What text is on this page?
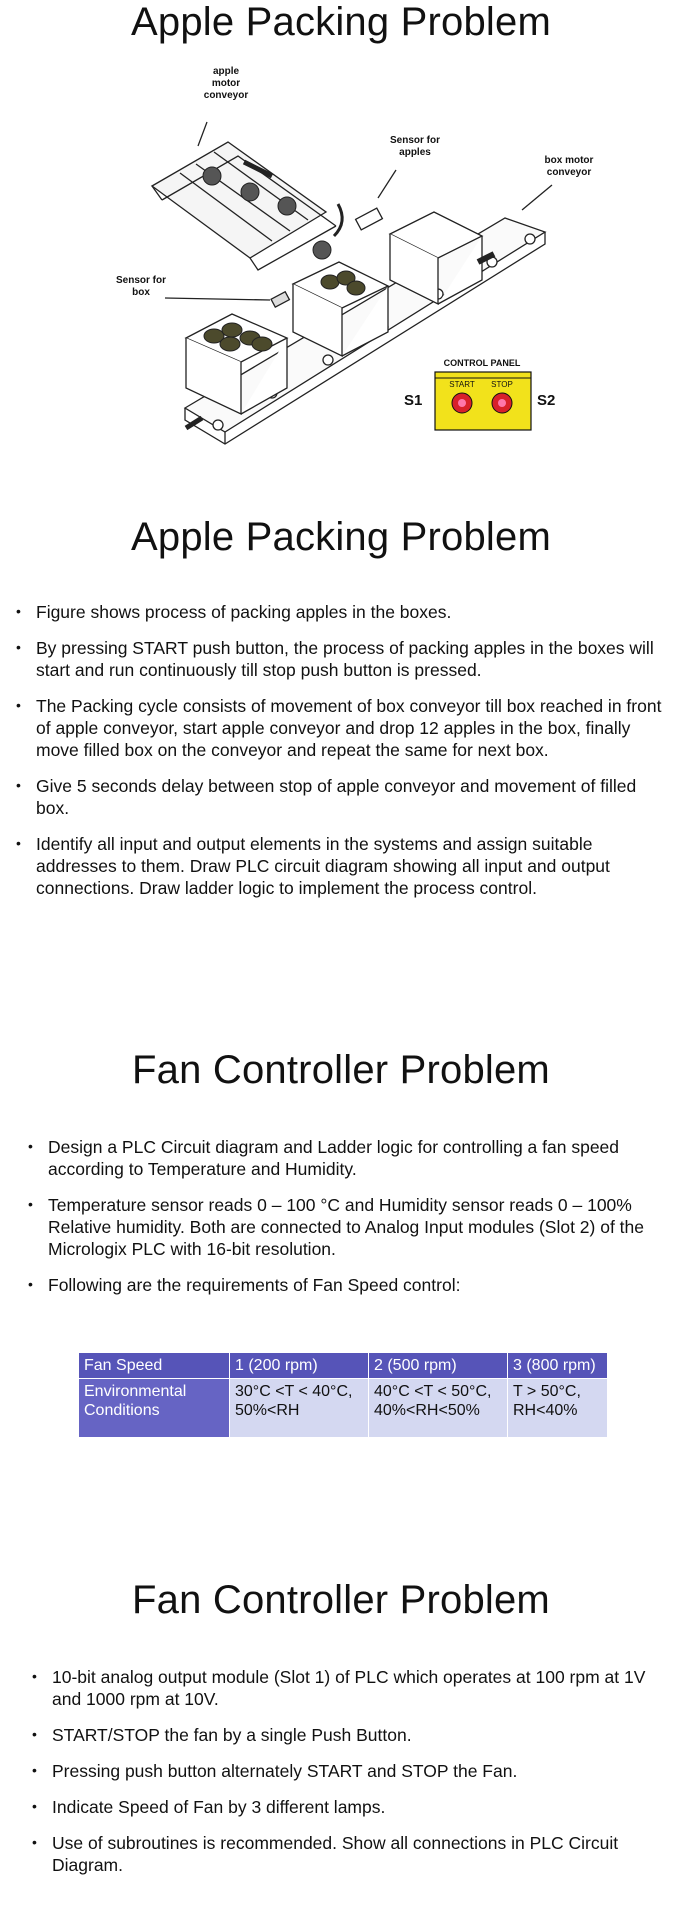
Apple Packing Problem
apple
motor
conveyor
Sensor for
apples
box motor
conveyor
Sensor for
box
CONTROL PANEL
START	STOP
S1	S2
Apple Packing Problem
• Figure shows process of packing apples in the boxes.
• By pressing START push button, the process of packing apples in the boxes will start and run continuously till stop push button is pressed.
• The Packing cycle consists of movement of box conveyor till box reached in front of apple conveyor, start apple conveyor and drop 12 apples in the box, finally move filled box on the conveyor and repeat the same for next box.
• Give 5 seconds delay between stop of apple conveyor and movement of filled box.
• Identify all input and output elements in the systems and assign suitable addresses to them. Draw PLC circuit diagram showing all input and output connections. Draw ladder logic to implement the process control.
Fan Controller Problem
• Design a PLC Circuit diagram and Ladder logic for controlling a fan speed according to Temperature and Humidity.
• Temperature sensor reads 0 – 100 °C and Humidity sensor reads 0 – 100% Relative humidity. Both are connected to Analog Input modules (Slot 2) of the Micrologix PLC with 16-bit resolution.
• Following are the requirements of Fan Speed control:
Fan Speed	1 (200 rpm)	2 (500 rpm)	3 (800 rpm)
Environmental Conditions	30°C <T < 40°C, 50%<RH	40°C <T < 50°C, 40%<RH<50%	T > 50°C, RH<40%
Fan Controller Problem
• 10-bit analog output module (Slot 1) of PLC which operates at 100 rpm at 1V and 1000 rpm at 10V.
• START/STOP the fan by a single Push Button.
• Pressing push button alternately START and STOP the Fan.
• Indicate Speed of Fan by 3 different lamps.
• Use of subroutines is recommended. Show all connections in PLC Circuit Diagram.
